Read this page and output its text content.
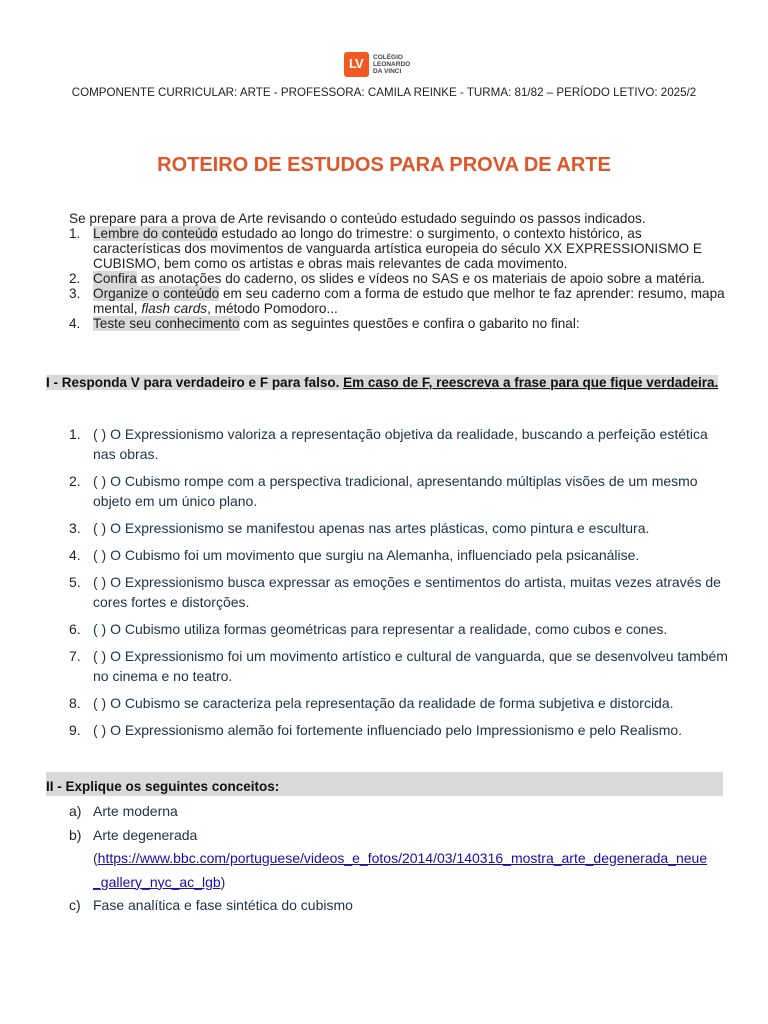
LV COLÉGIO
LEONARDO
DA VINCI
COMPONENTE CURRICULAR: ARTE - PROFESSORA: CAMILA REINKE - TURMA: 81/82 – PERÍODO LETIVO: 2025/2
ROTEIRO DE ESTUDOS PARA PROVA DE ARTE
Se prepare para a prova de Arte revisando o conteúdo estudado seguindo os passos indicados.
1. Lembre do conteúdo estudado ao longo do trimestre: o surgimento, o contexto histórico, as características dos movimentos de vanguarda artística europeia do século XX EXPRESSIONISMO E CUBISMO, bem como os artistas e obras mais relevantes de cada movimento.
2. Confira as anotações do caderno, os slides e vídeos no SAS e os materiais de apoio sobre a matéria.
3. Organize o conteúdo em seu caderno com a forma de estudo que melhor te faz aprender: resumo, mapa mental, flash cards, método Pomodoro...
4. Teste seu conhecimento com as seguintes questões e confira o gabarito no final:
I - Responda V para verdadeiro e F para falso. Em caso de F, reescreva a frase para que fique verdadeira.
1. ( ) O Expressionismo valoriza a representação objetiva da realidade, buscando a perfeição estética nas obras.
2. ( ) O Cubismo rompe com a perspectiva tradicional, apresentando múltiplas visões de um mesmo objeto em um único plano.
3. ( ) O Expressionismo se manifestou apenas nas artes plásticas, como pintura e escultura.
4. ( ) O Cubismo foi um movimento que surgiu na Alemanha, influenciado pela psicanálise.
5. ( ) O Expressionismo busca expressar as emoções e sentimentos do artista, muitas vezes através de cores fortes e distorções.
6. ( ) O Cubismo utiliza formas geométricas para representar a realidade, como cubos e cones.
7. ( ) O Expressionismo foi um movimento artístico e cultural de vanguarda, que se desenvolveu também no cinema e no teatro.
8. ( ) O Cubismo se caracteriza pela representação da realidade de forma subjetiva e distorcida.
9. ( ) O Expressionismo alemão foi fortemente influenciado pelo Impressionismo e pelo Realismo.
II - Explique os seguintes conceitos:
a) Arte moderna
b) Arte degenerada
(https://www.bbc.com/portuguese/videos_e_fotos/2014/03/140316_mostra_arte_degenerada_neue
_gallery_nyc_ac_lgb)
c) Fase analítica e fase sintética do cubismo
